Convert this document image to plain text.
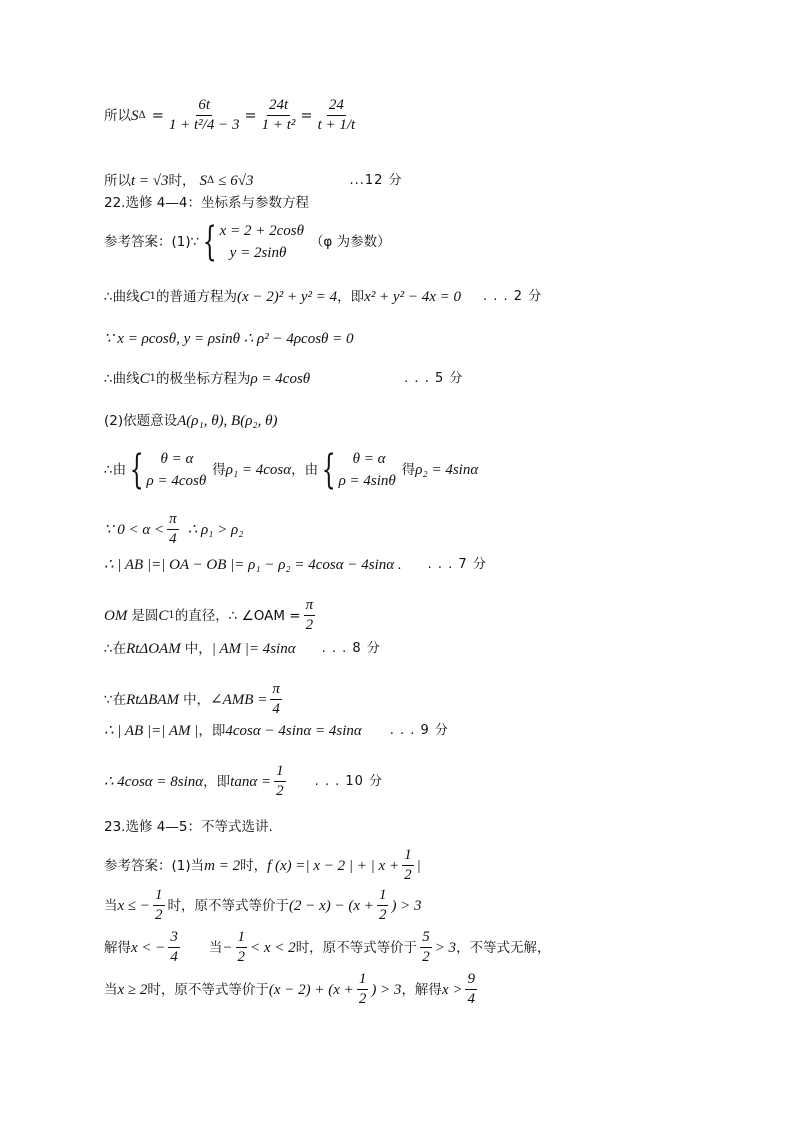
所以 S $\Delta = \frac{6t}{\text{1 + t²/4 − 3}} = \frac{24t}{\text{1 + t²}} = \frac{24}{t + 1/t}$
所以 t = √3 时， S Δ ≤ 6√3	...12 分
22.选修 4—4：坐标系与参数方程
参考答案：(1)∵ { x = 2 + 2cosθ
y = 2sinθ
（φ 为参数）
∴曲线 C 1 的普通方程为 (x − 2)² + y² = 4 ，即 x² + y² − 4x = 0 . . . 2 分
∵ x = ρcosθ, y = ρsinθ ∴ ρ² − 4ρcosθ = 0
∴曲线 C 1 的极坐标方程为 ρ = 4cosθ	. . . 5 分
(2)依题意设 A(ρ₁, θ), B(ρ₂, θ)
∴由 {	θ = α
ρ = 4cosθ
得 ρ₁ = 4cosα ，由 {	θ = α
ρ = 4sinθ
得 ρ₂ = 4sinα
∵ $0 < \alpha < \frac{\pi}{4}$ ∴ ρ₁ > ρ₂
∴ | AB |=| OA − OB |= ρ₁ − ρ₂ = 4cosα − 4sinα . . . . 7 分
OM 是圆 C 1 的直径，∴ ∠OAM = $\frac{\pi}{2}$
∴在 RtΔOAM 中， | AM |= 4sinα . . . 8 分
∵在 RtΔBAM 中， ∠AMB = $\frac{\pi}{4}$
∴ | AB |=| AM | ，即 4cosα − 4sinα = 4sinα . . . 9 分
∴ 4cosα = 8sinα ，即 $\tan\alpha = \frac{1}{2}$ . . . 10 分
23.选修 4—5：不等式选讲.
参考答案：(1)当 m = 2 时， f (x) =| x − 2 | + | $x + \frac{1}{2}$ |
当 x ≤ − $\frac{1}{2}$ 时，原不等式等价于 $(2 - x) - (x + \frac{1}{2}$ ) > 3
解得 x < − $\frac{3}{4}$ 当 − $\frac{1}{2} < x < 2$ 时，原不等式等价于 $\frac{5}{2} > 3$ ，不等式无解，
当 x ≥ 2 时，原不等式等价于 $(x - 2) + (x + \frac{1}{2}$ ) > 3 ，解得 $x > \frac{9}{4}$
